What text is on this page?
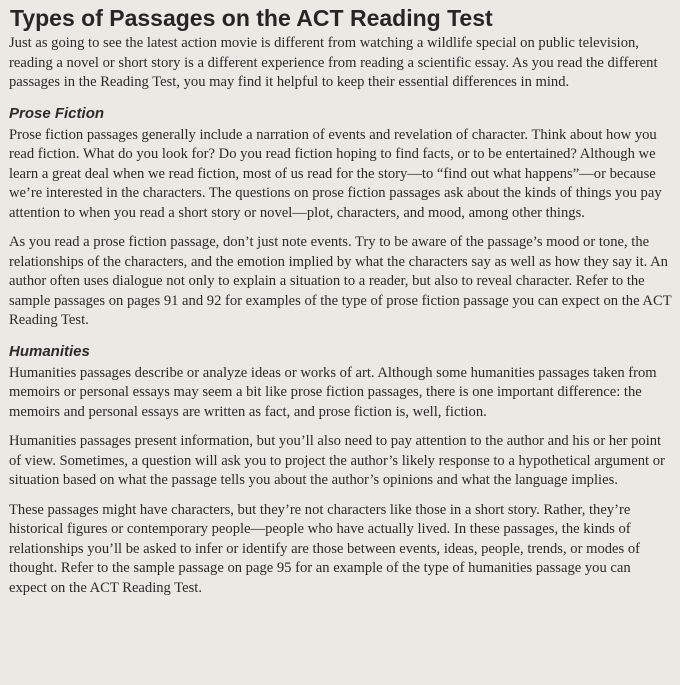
Types of Passages on the ACT Reading Test

Just as going to see the latest action movie is different from watching a wildlife special on public television, reading a novel or short story is a different experience from reading a scientific essay. As you read the different passages in the Reading Test, you may find it helpful to keep their essential differences in mind.

Prose Fiction

Prose fiction passages generally include a narration of events and revelation of character. Think about how you read fiction. What do you look for? Do you read fiction hoping to find facts, or to be entertained? Although we learn a great deal when we read fiction, most of us read for the story—to “find out what happens”—or because we’re interested in the characters. The questions on prose fiction passages ask about the kinds of things you pay attention to when you read a short story or novel—plot, characters, and mood, among other things.

As you read a prose fiction passage, don’t just note events. Try to be aware of the passage’s mood or tone, the relationships of the characters, and the emotion implied by what the characters say as well as how they say it. An author often uses dialogue not only to explain a situation to a reader, but also to reveal character. Refer to the sample passages on pages 91 and 92 for examples of the type of prose fiction passage you can expect on the ACT Reading Test.

Humanities

Humanities passages describe or analyze ideas or works of art. Although some humanities passages taken from memoirs or personal essays may seem a bit like prose fiction passages, there is one important difference: the memoirs and personal essays are written as fact, and prose fiction is, well, fiction.

Humanities passages present information, but you’ll also need to pay attention to the author and his or her point of view. Sometimes, a question will ask you to project the author’s likely response to a hypothetical argument or situation based on what the passage tells you about the author’s opinions and what the language implies.

These passages might have characters, but they’re not characters like those in a short story. Rather, they’re historical figures or contemporary people—people who have actually lived. In these passages, the kinds of relationships you’ll be asked to infer or identify are those between events, ideas, people, trends, or modes of thought. Refer to the sample passage on page 95 for an example of the type of humanities passage you can expect on the ACT Reading Test.
